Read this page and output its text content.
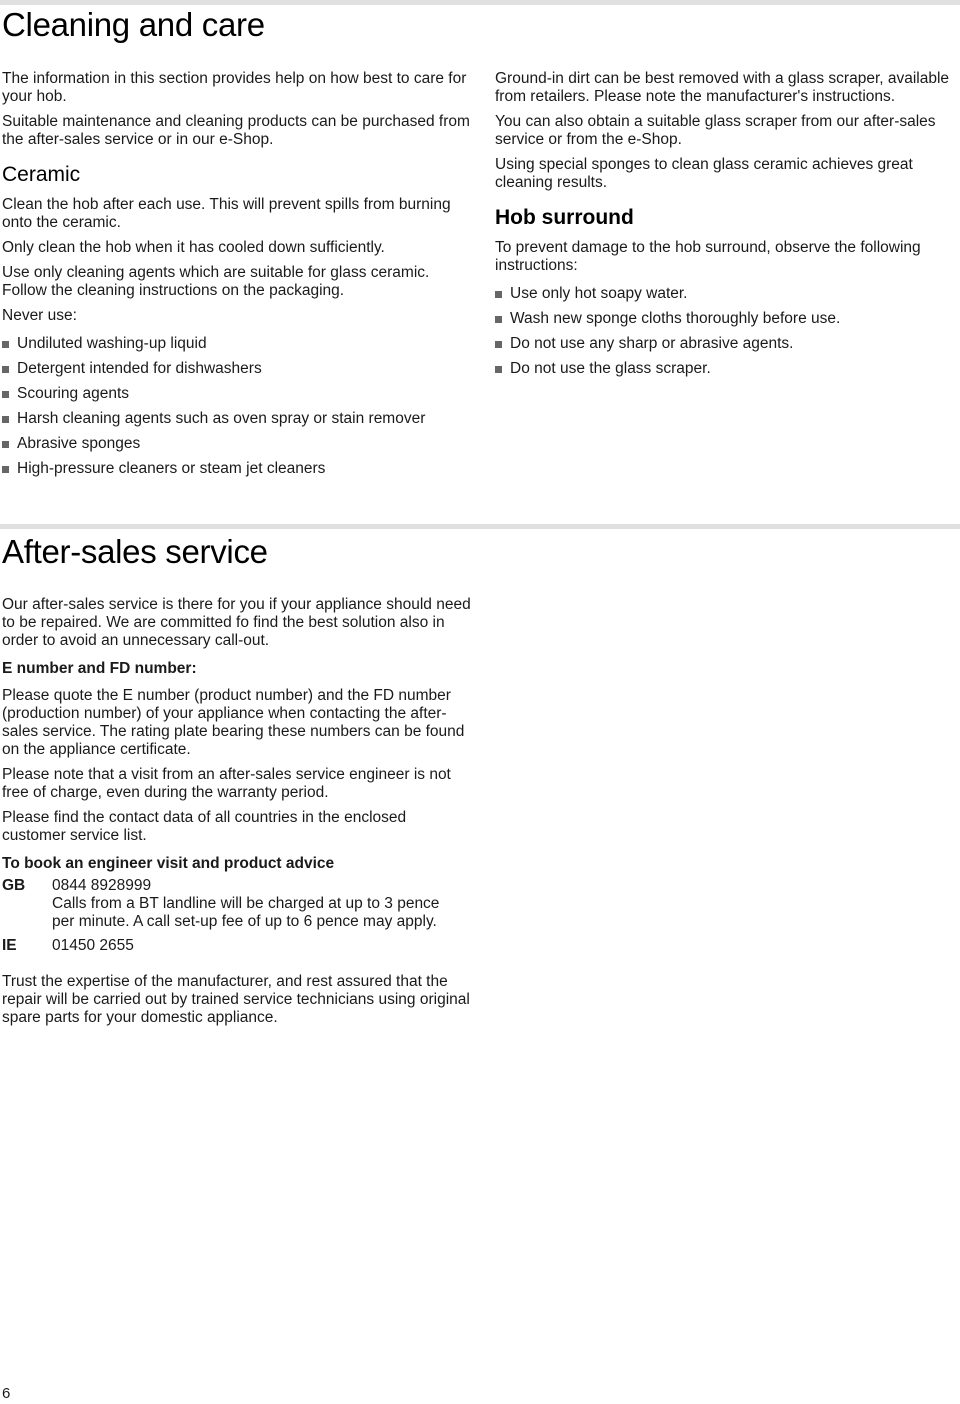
Cleaning and care

The information in this section provides help on how best to care for your hob.

Suitable maintenance and cleaning products can be purchased from the after-sales service or in our e-Shop.

Ceramic

Clean the hob after each use. This will prevent spills from burning onto the ceramic.

Only clean the hob when it has cooled down sufficiently.

Use only cleaning agents which are suitable for glass ceramic. Follow the cleaning instructions on the packaging.

Never use:

Undiluted washing-up liquid
Detergent intended for dishwashers
Scouring agents
Harsh cleaning agents such as oven spray or stain remover
Abrasive sponges
High-pressure cleaners or steam jet cleaners

Ground-in dirt can be best removed with a glass scraper, available from retailers. Please note the manufacturer's instructions.

You can also obtain a suitable glass scraper from our after-sales service or from the e-Shop.

Using special sponges to clean glass ceramic achieves great cleaning results.

Hob surround

To prevent damage to the hob surround, observe the following instructions:

Use only hot soapy water.
Wash new sponge cloths thoroughly before use.
Do not use any sharp or abrasive agents.
Do not use the glass scraper.
After-sales service

Our after-sales service is there for you if your appliance should need to be repaired. We are committed fo find the best solution also in order to avoid an unnecessary call-out.

E number and FD number:

Please quote the E number (product number) and the FD number (production number) of your appliance when contacting the after-sales service. The rating plate bearing these numbers can be found on the appliance certificate.

Please note that a visit from an after-sales service engineer is not free of charge, even during the warranty period.

Please find the contact data of all countries in the enclosed customer service list.

To book an engineer visit and product advice

GB	0844 8928999
Calls from a BT landline will be charged at up to 3 pence per minute. A call set-up fee of up to 6 pence may apply.
IE	01450 2655

Trust the expertise of the manufacturer, and rest assured that the repair will be carried out by trained service technicians using original spare parts for your domestic appliance.

6
